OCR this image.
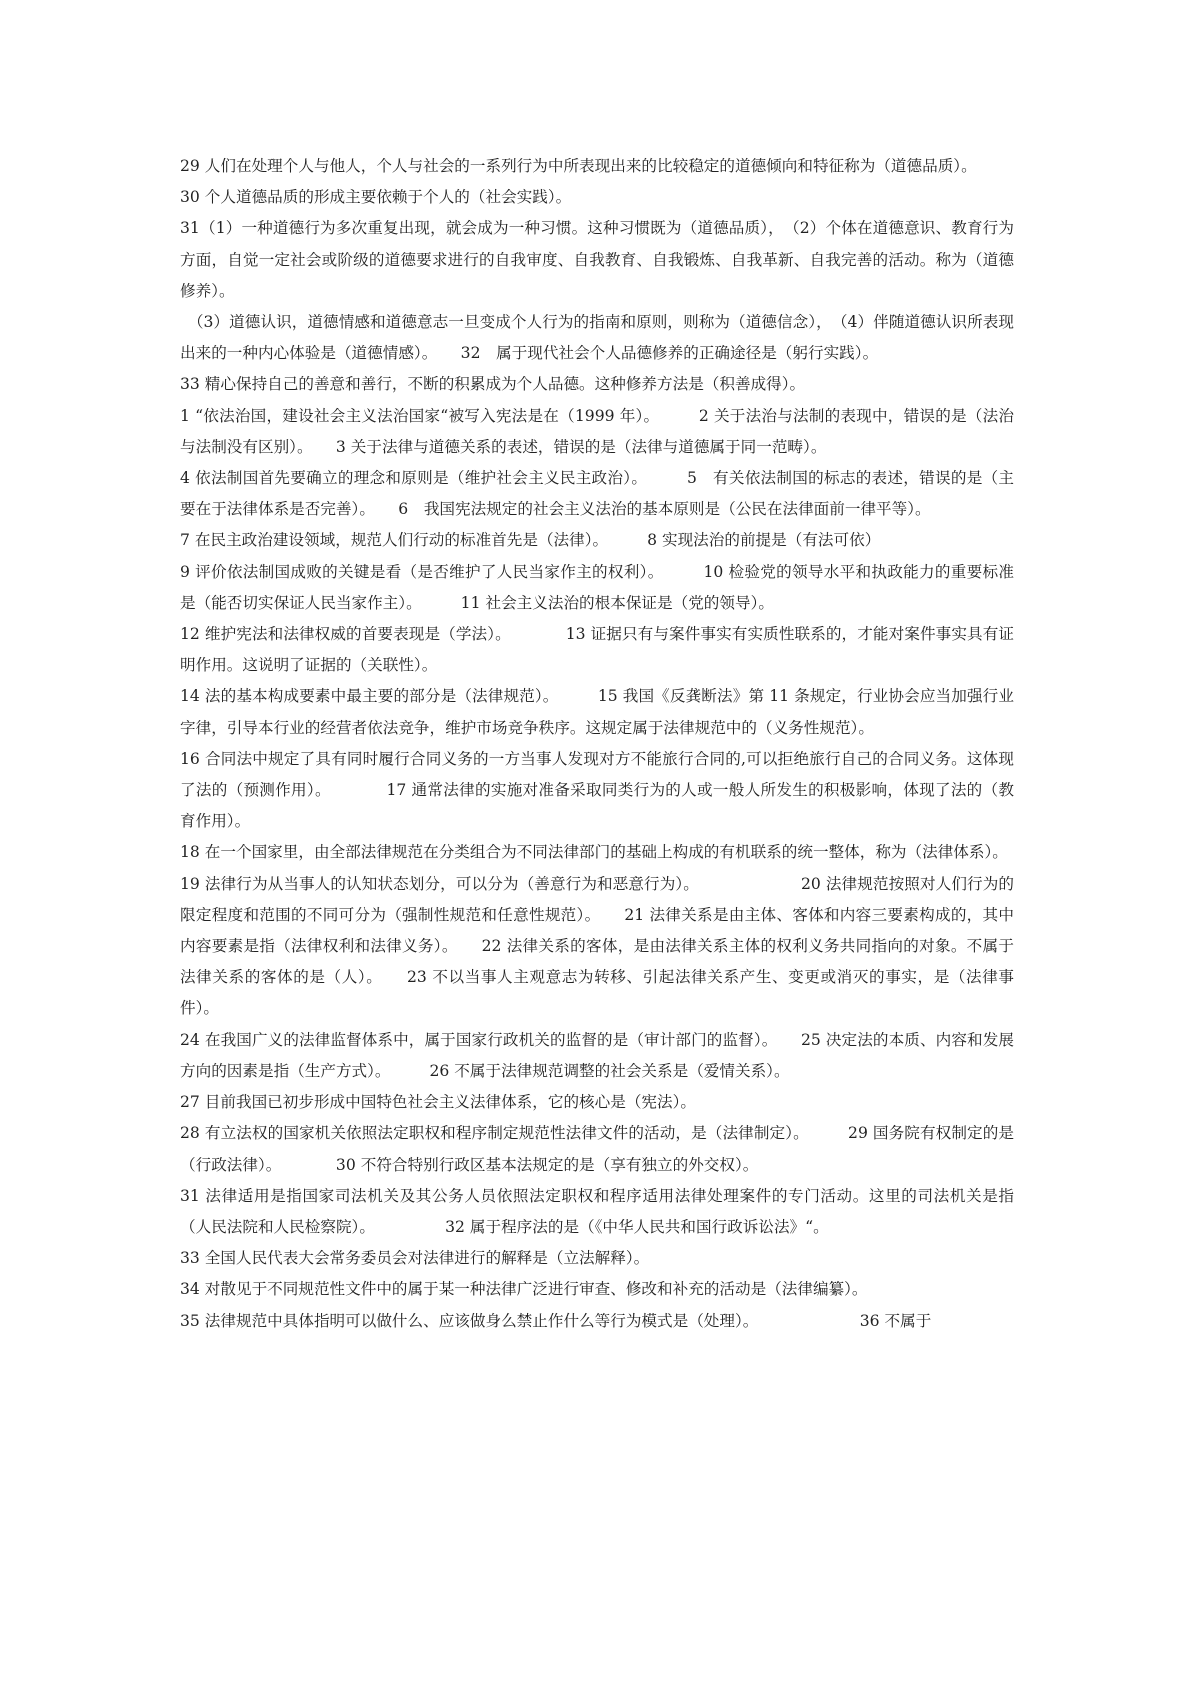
29 人们在处理个人与他人，个人与社会的一系列行为中所表现出来的比较稳定的道德倾向和特征称为（道德品质）。

30 个人道德品质的形成主要依赖于个人的（社会实践）。

31（1）一种道德行为多次重复出现，就会成为一种习惯。这种习惯既为（道德品质），　（2）个体在道德意识、教育行为方面，自觉一定社会或阶级的道德要求进行的自我审度、自我教育、自我锻炼、自我革新、自我完善的活动。称为（道德修养）。

　（3）道德认识，道德情感和道德意志一旦变成个人行为的指南和原则，则称为（道德信念），　（4）伴随道德认识所表现出来的一种内心体验是（道德情感）。　　32　属于现代社会个人品德修养的正确途径是（躬行实践）。

33 精心保持自己的善意和善行，不断的积累成为个人品德。这种修养方法是（积善成得）。

1 “依法治国，建设社会主义法治国家“被写入宪法是在（1999 年）。　　　2 关于法治与法制的表现中，错误的是（法治与法制没有区别）。　　3 关于法律与道德关系的表述，错误的是（法律与道德属于同一范畴）。

4 依法制国首先要确立的理念和原则是（维护社会主义民主政治）。　　　5　有关依法制国的标志的表述，错误的是（主要在于法律体系是否完善）。　　6　我国宪法规定的社会主义法治的基本原则是（公民在法律面前一律平等）。

7 在民主政治建设领域，规范人们行动的标准首先是（法律）。　　　8 实现法治的前提是（有法可依）

9 评价依法制国成败的关键是看（是否维护了人民当家作主的权利）。　　　10 检验党的领导水平和执政能力的重要标准是（能否切实保证人民当家作主）。　　　11 社会主义法治的根本保证是（党的领导）。

12 维护宪法和法律权威的首要表现是（学法）。　　　　13 证据只有与案件事实有实质性联系的，才能对案件事实具有证明作用。这说明了证据的（关联性）。

14 法的基本构成要素中最主要的部分是（法律规范）。　　　15 我国《反龚断法》第 11 条规定，行业协会应当加强行业字律，引导本行业的经营者依法竞争，维护市场竞争秩序。这规定属于法律规范中的（义务性规范）。

16 合同法中规定了具有同时履行合同义务的一方当事人发现对方不能旅行合同的,可以拒绝旅行自己的合同义务。这体现了法的（预测作用）。　　　　17 通常法律的实施对准备采取同类行为的人或一般人所发生的积极影响，体现了法的（教育作用）。

18 在一个国家里，由全部法律规范在分类组合为不同法律部门的基础上构成的有机联系的统一整体，称为（法律体系）。

19 法律行为从当事人的认知状态划分，可以分为（善意行为和恶意行为）。　　　　　　　20 法律规范按照对人们行为的限定程度和范围的不同可分为（强制性规范和任意性规范）。　　21 法律关系是由主体、客体和内容三要素构成的，其中内容要素是指（法律权利和法律义务）。　　22 法律关系的客体，是由法律关系主体的权利义务共同指向的对象。不属于法律关系的客体的是（人）。　　23 不以当事人主观意志为转移、引起法律关系产生、变更或消灭的事实，是（法律事件）。

24 在我国广义的法律监督体系中，属于国家行政机关的监督的是（审计部门的监督）。　　25 决定法的本质、内容和发展方向的因素是指（生产方式）。　　　26 不属于法律规范调整的社会关系是（爱情关系）。

27 目前我国已初步形成中国特色社会主义法律体系，它的核心是（宪法）。

28 有立法权的国家机关依照法定职权和程序制定规范性法律文件的活动，是（法律制定）。　　　29 国务院有权制定的是（行政法律）。　　　　30 不符合特别行政区基本法规定的是（享有独立的外交权）。

31 法律适用是指国家司法机关及其公务人员依照法定职权和程序适用法律处理案件的专门活动。这里的司法机关是指（人民法院和人民检察院）。　　　　　32 属于程序法的是（《中华人民共和国行政诉讼法》“。

33 全国人民代表大会常务委员会对法律进行的解释是（立法解释）。

34 对散见于不同规范性文件中的属于某一种法律广泛进行审查、修改和补充的活动是（法律编纂）。

35 法律规范中具体指明可以做什么、应该做身么禁止作什么等行为模式是（处理）。　　　　　　　36 不属于
